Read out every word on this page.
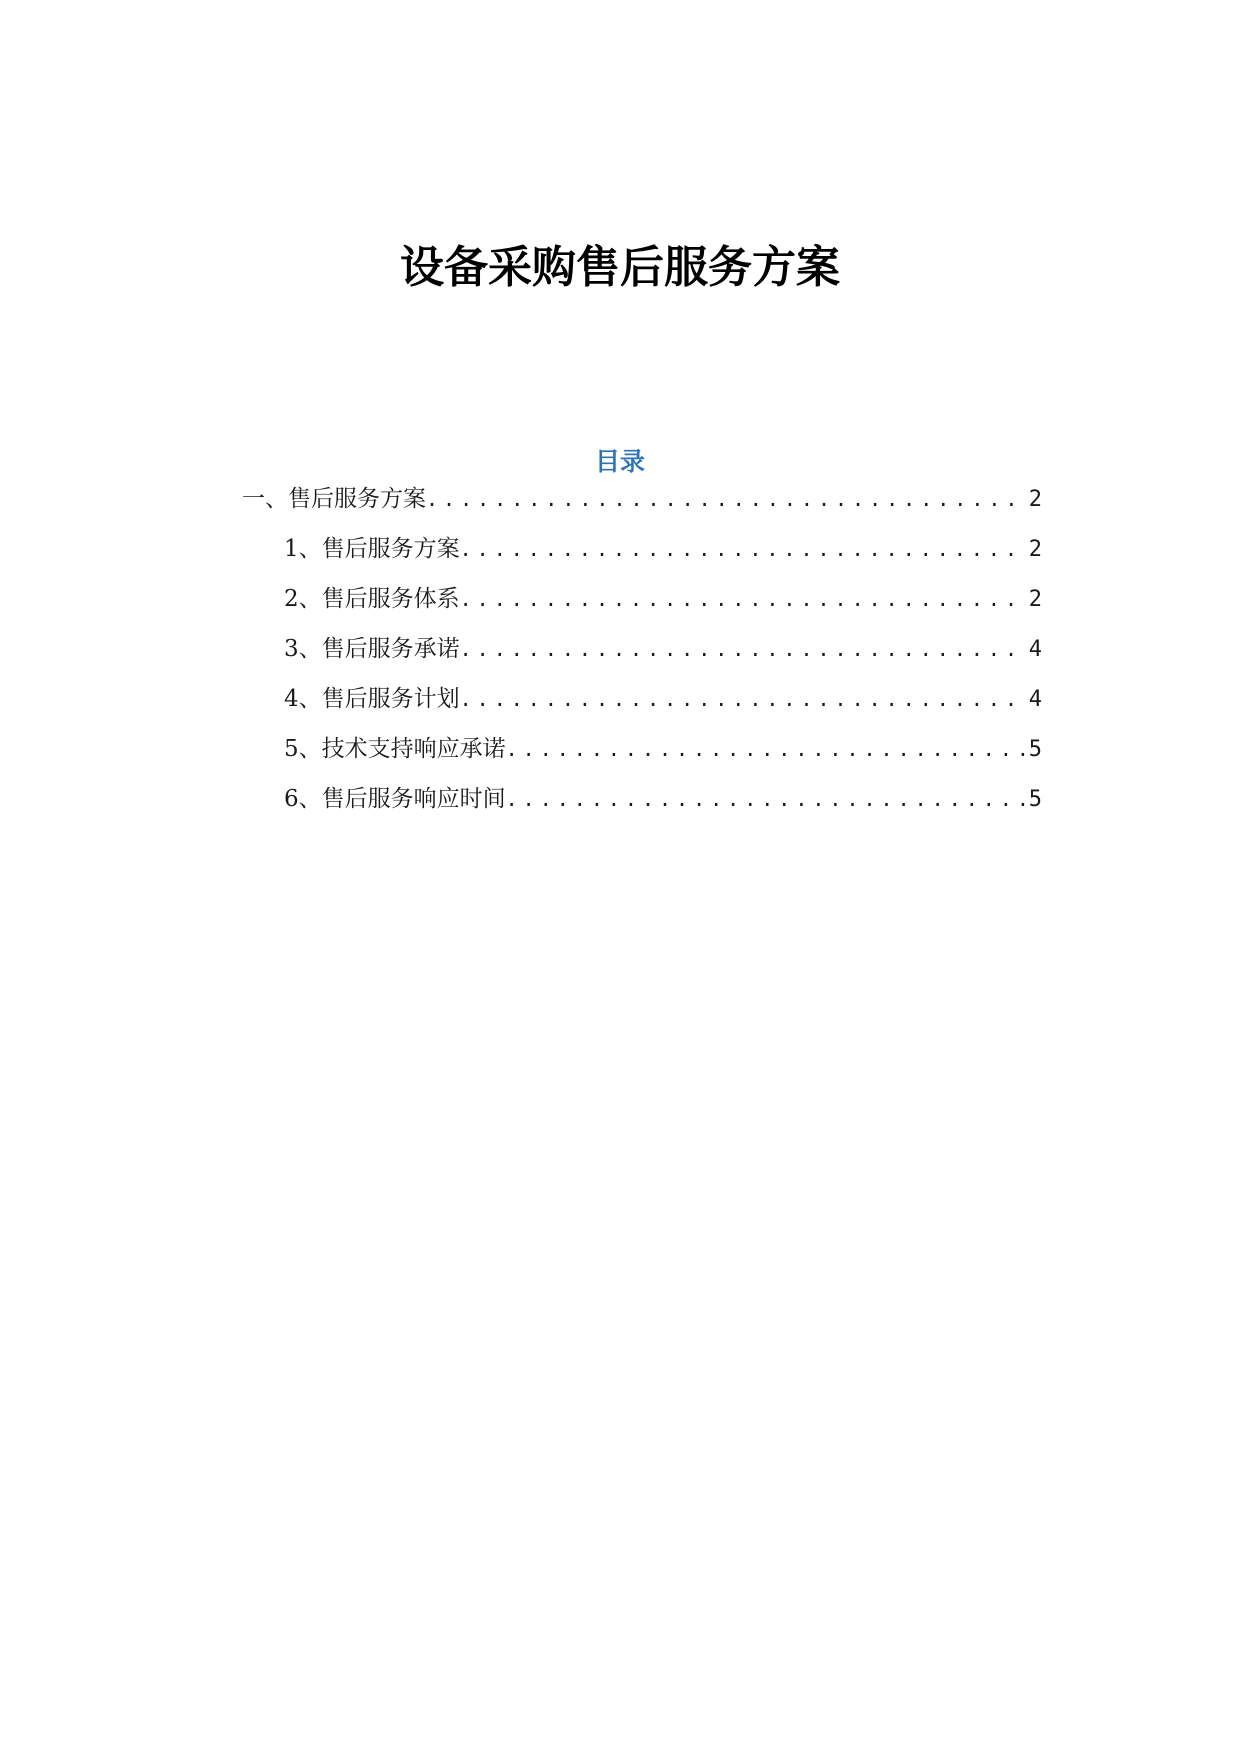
设备采购售后服务方案
目录
一、售后服务方案 .....	2
1、售后服务方案 .....	2
2、售后服务体系 .....	2
3、售后服务承诺 .....	4
4、售后服务计划 .....	4
5、技术支持响应承诺 .....	5
6、售后服务响应时间 .....	5
